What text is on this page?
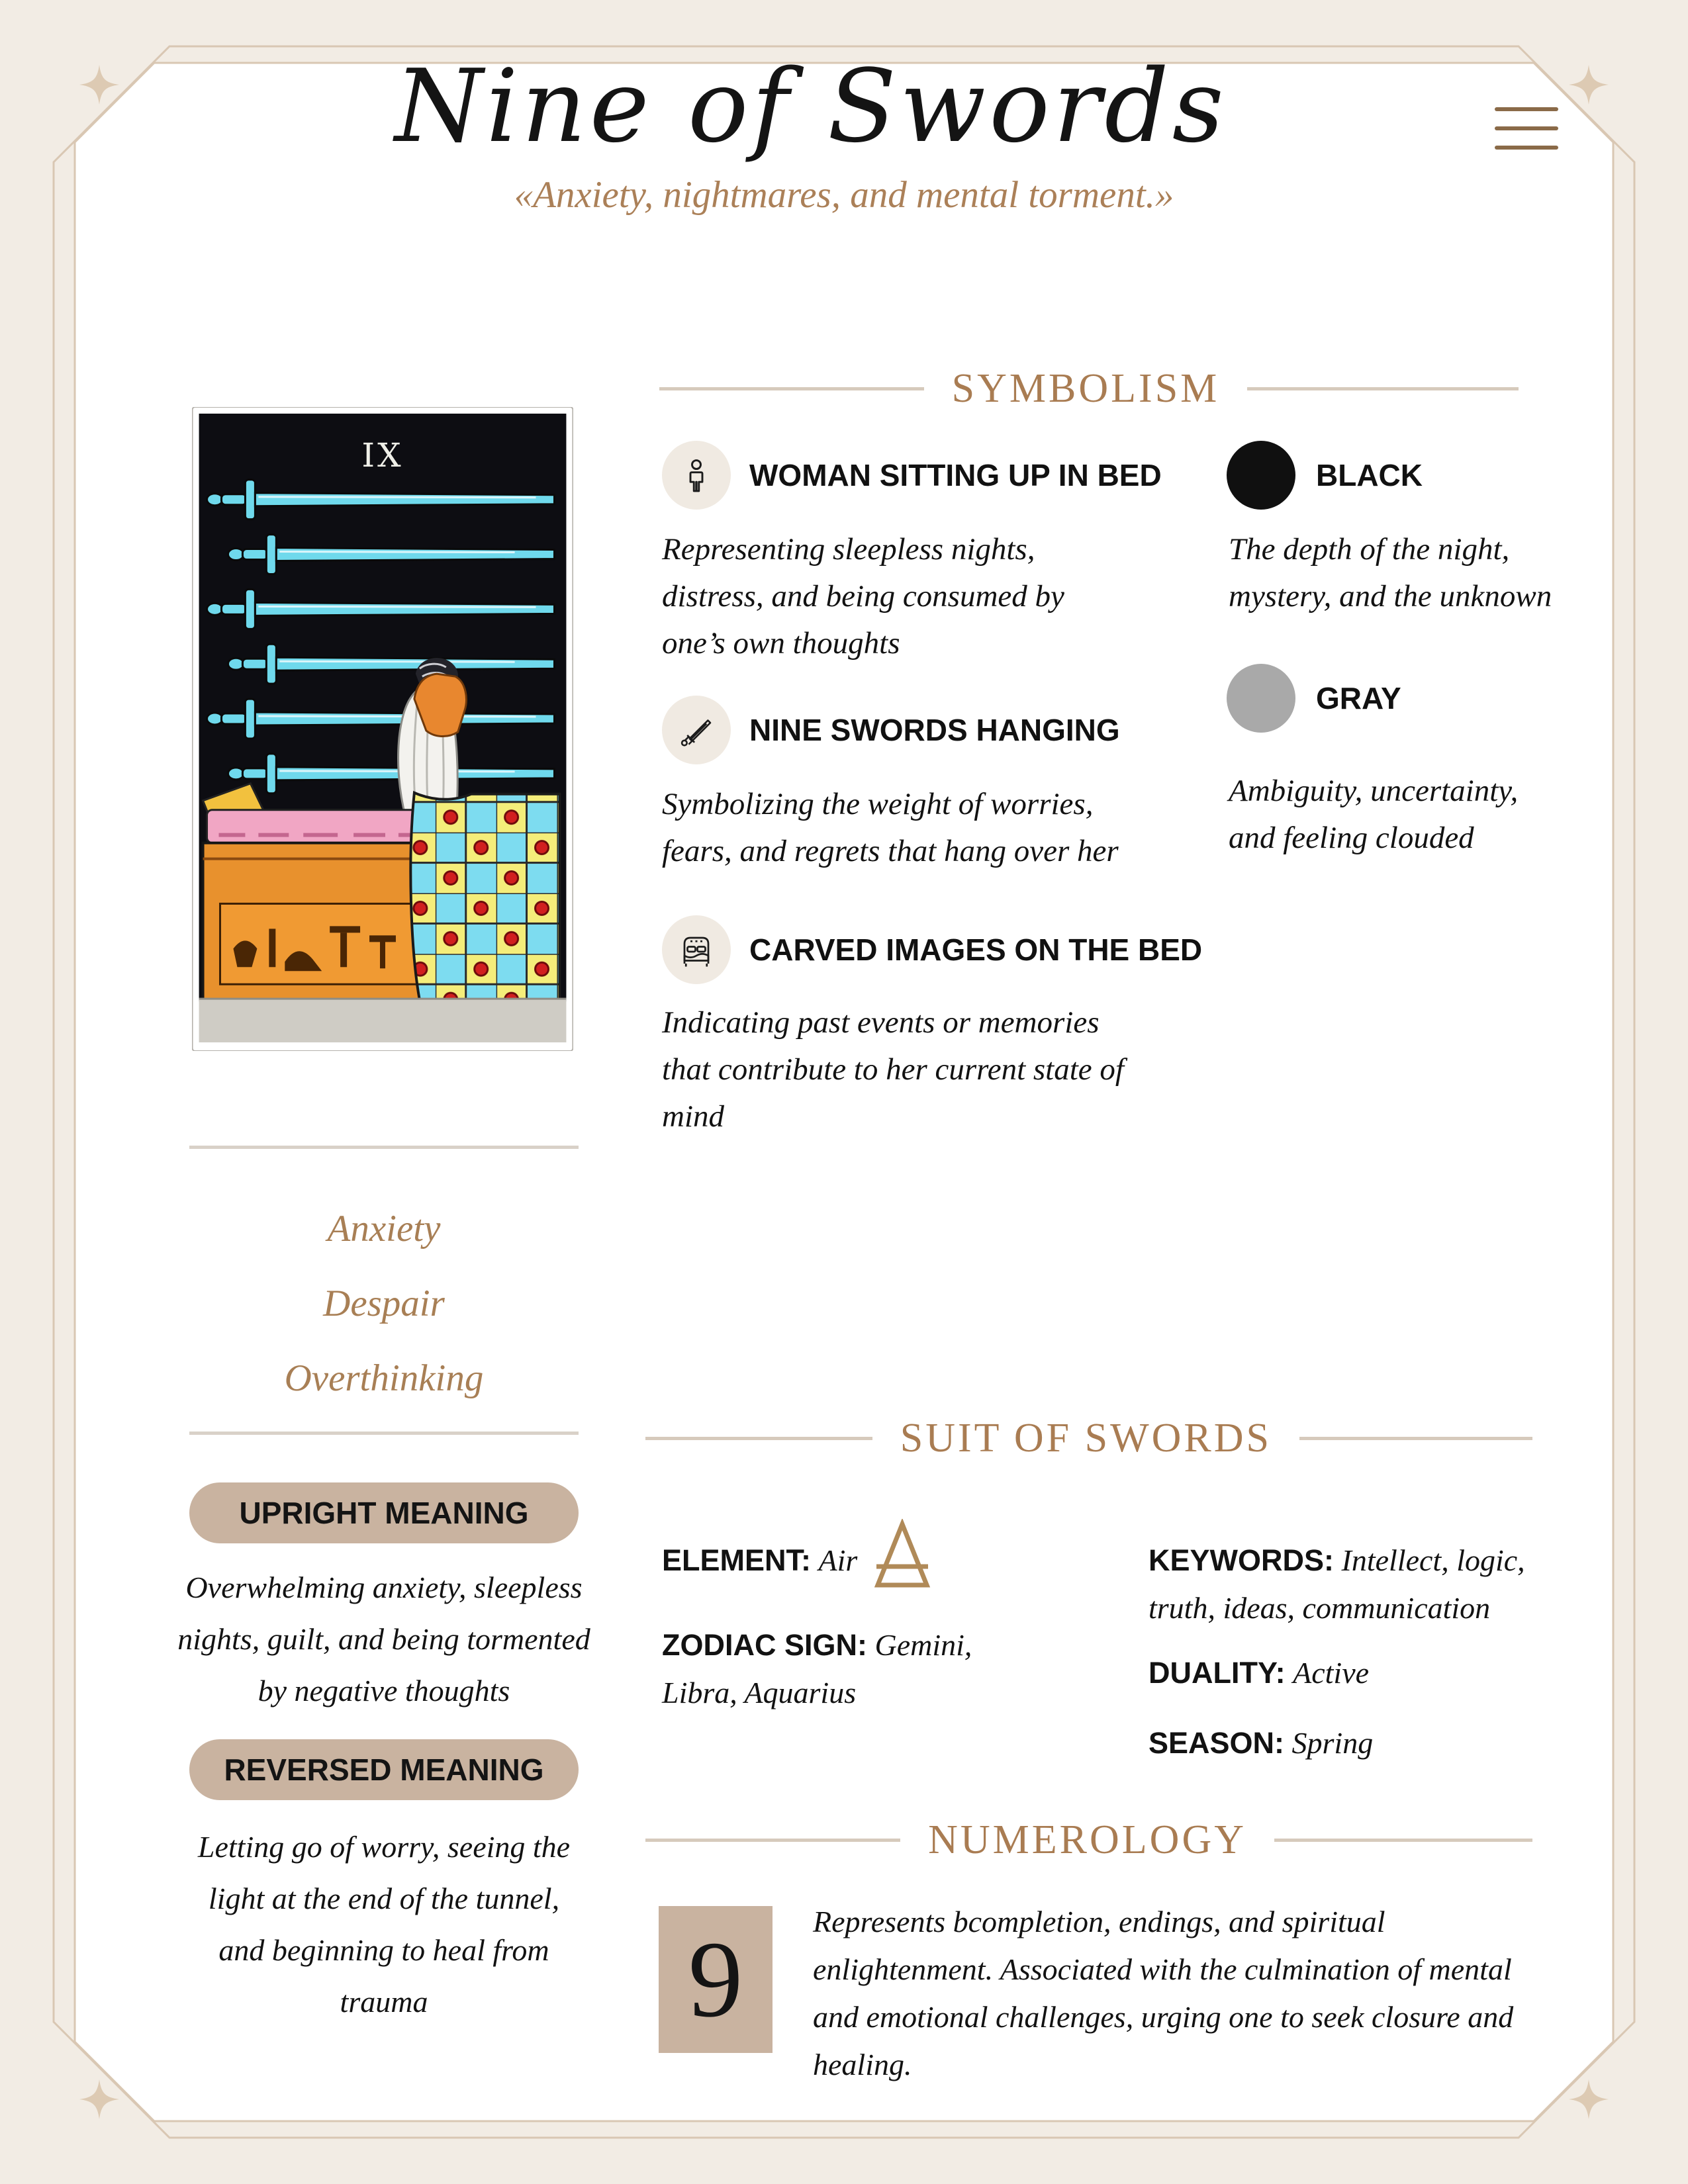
Nine of Swords
«Anxiety, nightmares, and mental torment.»
IX
Anxiety
Despair
Overthinking
UPRIGHT MEANING
Overwhelming anxiety, sleepless nights, guilt, and being tormented by negative thoughts
REVERSED MEANING
Letting go of worry, seeing the light at the end of the tunnel, and beginning to heal from trauma
SYMBOLISM
WOMAN SITTING UP IN BED
Representing sleepless nights, distress, and being consumed by one’s own thoughts
NINE SWORDS HANGING
Symbolizing the weight of worries, fears, and regrets that hang over her
CARVED IMAGES ON THE BED
Indicating past events or memories that contribute to her current state of mind
BLACK
The depth of the night, mystery, and the unknown
GRAY
Ambiguity, uncertainty, and feeling clouded
SUIT OF SWORDS
ELEMENT: Air
ZODIAC SIGN: Gemini, Libra, Aquarius
KEYWORDS: Intellect, logic, truth, ideas, communication
DUALITY: Active
SEASON: Spring
NUMEROLOGY
9	Represents bcompletion, endings, and spiritual enlightenment. Associated with the culmination of mental and emotional challenges, urging one to seek closure and healing.
